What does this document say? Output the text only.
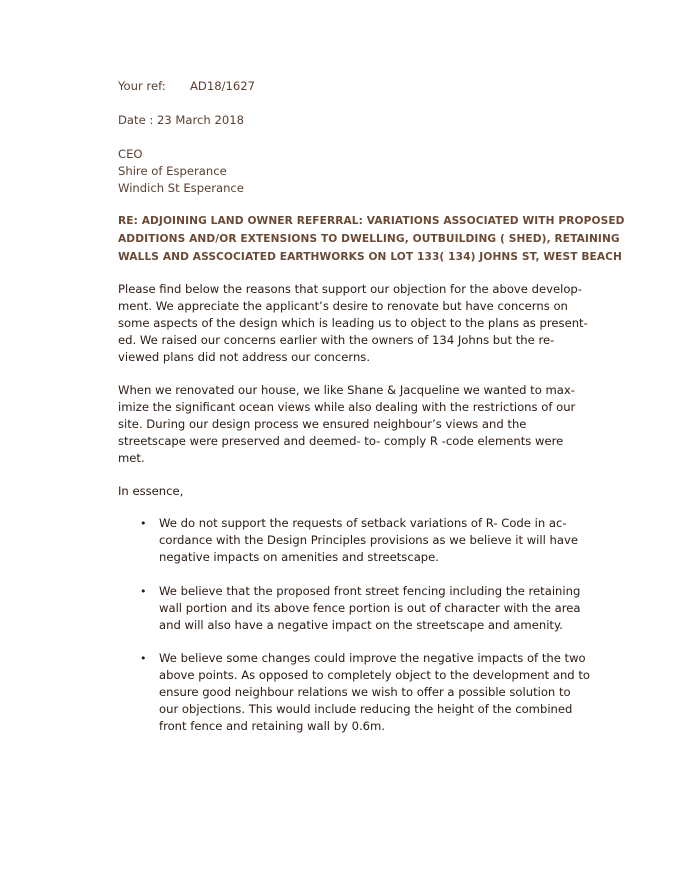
Your ref: AD18/1627
Date : 23 March 2018
CEO
Shire of Esperance
Windich St Esperance
RE: ADJOINING LAND OWNER REFERRAL: VARIATIONS ASSOCIATED WITH PROPOSED
ADDITIONS AND/OR EXTENSIONS TO DWELLING, OUTBUILDING ( SHED), RETAINING
WALLS AND ASSCOCIATED EARTHWORKS ON LOT 133( 134) JOHNS ST, WEST BEACH
Please find below the reasons that support our objection for the above develop-
ment. We appreciate the applicant’s desire to renovate but have concerns on
some aspects of the design which is leading us to object to the plans as present-
ed. We raised our concerns earlier with the owners of 134 Johns but the re-
viewed plans did not address our concerns.
When we renovated our house, we like Shane & Jacqueline we wanted to max-
imize the significant ocean views while also dealing with the restrictions of our
site. During our design process we ensured neighbour’s views and the
streetscape were preserved and deemed- to- comply R -code elements were
met.
In essence,
• We do not support the requests of setback variations of R- Code in ac-
cordance with the Design Principles provisions as we believe it will have
negative impacts on amenities and streetscape.
• We believe that the proposed front street fencing including the retaining
wall portion and its above fence portion is out of character with the area
and will also have a negative impact on the streetscape and amenity.
• We believe some changes could improve the negative impacts of the two
above points. As opposed to completely object to the development and to
ensure good neighbour relations we wish to offer a possible solution to
our objections. This would include reducing the height of the combined
front fence and retaining wall by 0.6m.
